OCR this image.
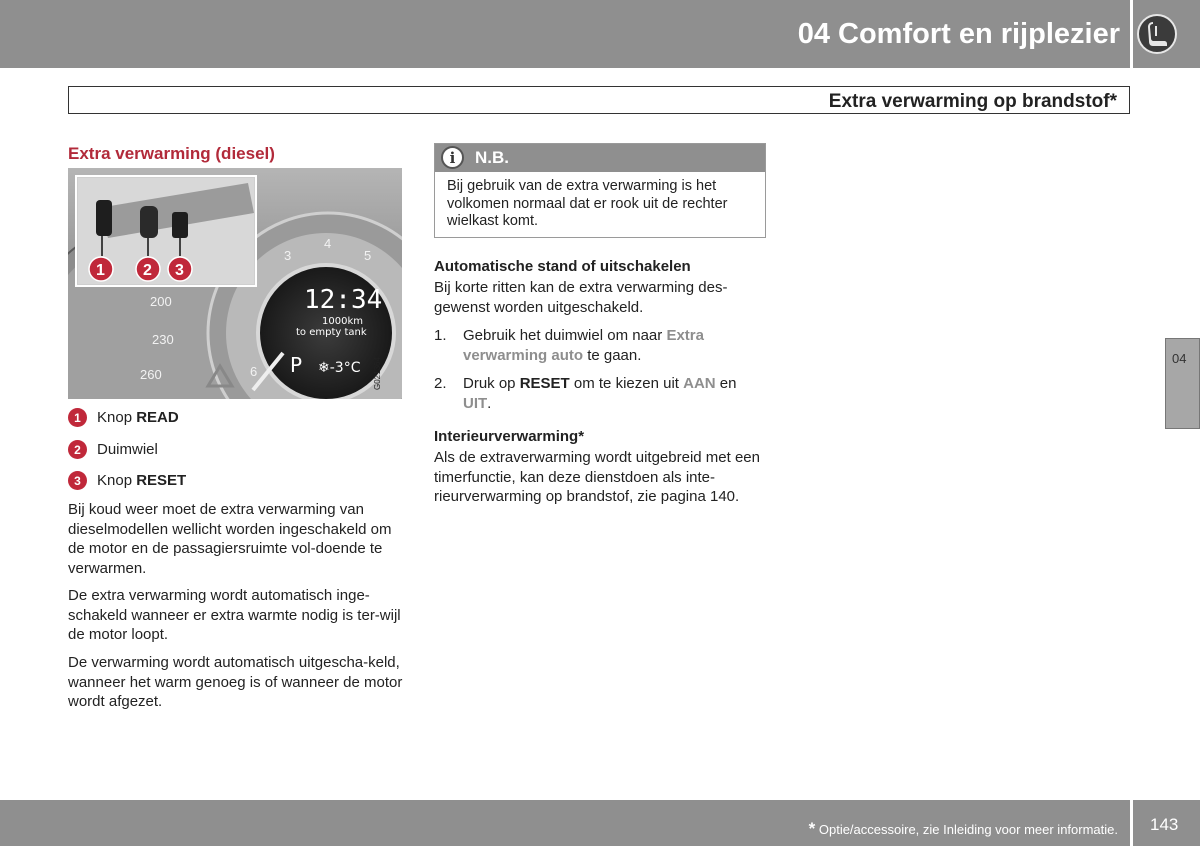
04 Comfort en rijplezier
Extra verwarming op brandstof*
Extra verwarming (diesel)
G021364
12:34
1000km
to empty tank
P ❄-3°C
200
230
260
3
4
5
6
1 2 3
1	Knop READ
2	Duimwiel
3	Knop RESET
Bij koud weer moet de extra verwarming van dieselmodellen wellicht worden ingeschakeld om de motor en de passagiersruimte vol-doende te verwarmen.
De extra verwarming wordt automatisch inge-schakeld wanneer er extra warmte nodig is ter-wijl de motor loopt.
De verwarming wordt automatisch uitgescha-keld, wanneer het warm genoeg is of wanneer de motor wordt afgezet.
i	N.B.
Bij gebruik van de extra verwarming is het volkomen normaal dat er rook uit de rechter wielkast komt.
Automatische stand of uitschakelen
Bij korte ritten kan de extra verwarming des-gewenst worden uitgeschakeld.
1. Gebruik het duimwiel om naar Extra verwarming auto te gaan.
2. Druk op RESET om te kiezen uit AAN en UIT.
Interieurverwarming*
Als de extraverwarming wordt uitgebreid met een timerfunctie, kan deze dienstdoen als inte-rieurverwarming op brandstof, zie pagina 140.
04
* Optie/accessoire, zie Inleiding voor meer informatie. 143
